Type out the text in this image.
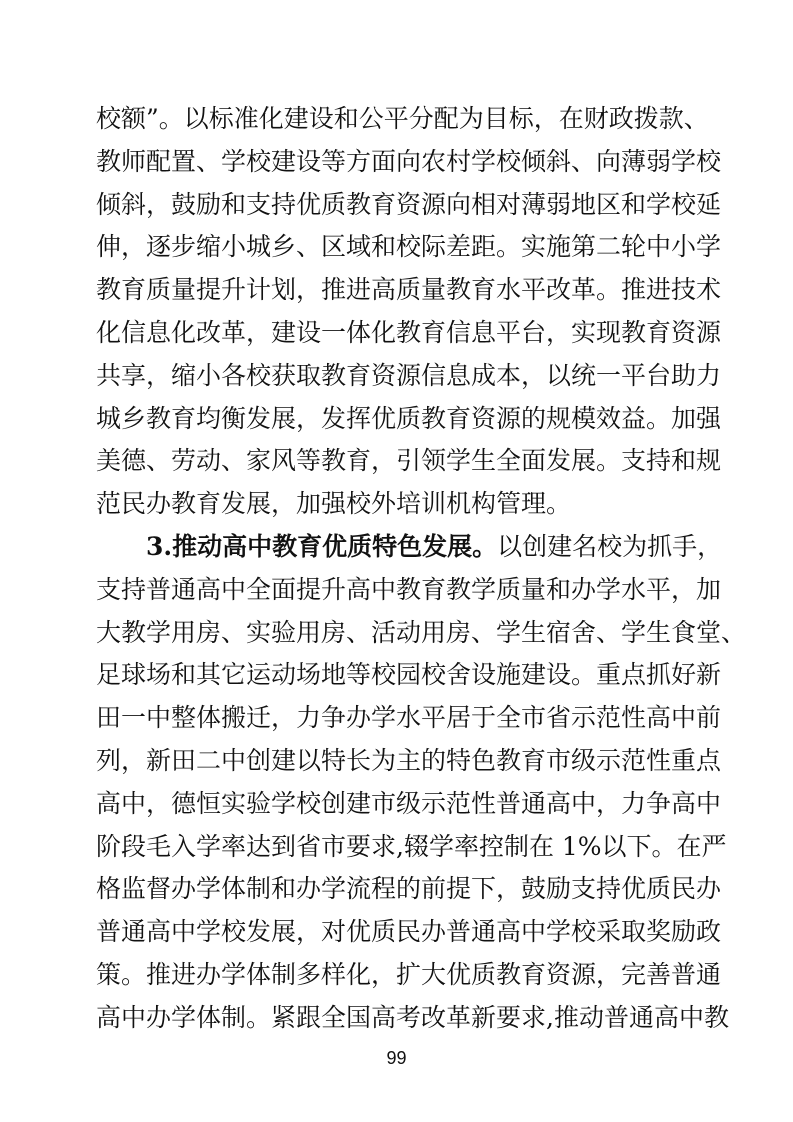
校额”。以标准化建设和公平分配为目标，在财政拨款、
教师配置、学校建设等方面向农村学校倾斜、向薄弱学校
倾斜，鼓励和支持优质教育资源向相对薄弱地区和学校延
伸，逐步缩小城乡、区域和校际差距。实施第二轮中小学
教育质量提升计划，推进高质量教育水平改革。推进技术
化信息化改革，建设一体化教育信息平台，实现教育资源
共享，缩小各校获取教育资源信息成本，以统一平台助力
城乡教育均衡发展，发挥优质教育资源的规模效益。加强
美德、劳动、家风等教育，引领学生全面发展。支持和规
范民办教育发展，加强校外培训机构管理。
3.推动高中教育优质特色发展。以创建名校为抓手，
支持普通高中全面提升高中教育教学质量和办学水平，加
大教学用房、实验用房、活动用房、学生宿舍、学生食堂、
足球场和其它运动场地等校园校舍设施建设。重点抓好新
田一中整体搬迁，力争办学水平居于全市省示范性高中前
列，新田二中创建以特长为主的特色教育市级示范性重点
高中，德恒实验学校创建市级示范性普通高中，力争高中
阶段毛入学率达到省市要求,辍学率控制在 1%以下。在严
格监督办学体制和办学流程的前提下，鼓励支持优质民办
普通高中学校发展，对优质民办普通高中学校采取奖励政
策。推进办学体制多样化，扩大优质教育资源，完善普通
高中办学体制。紧跟全国高考改革新要求,推动普通高中教
99
